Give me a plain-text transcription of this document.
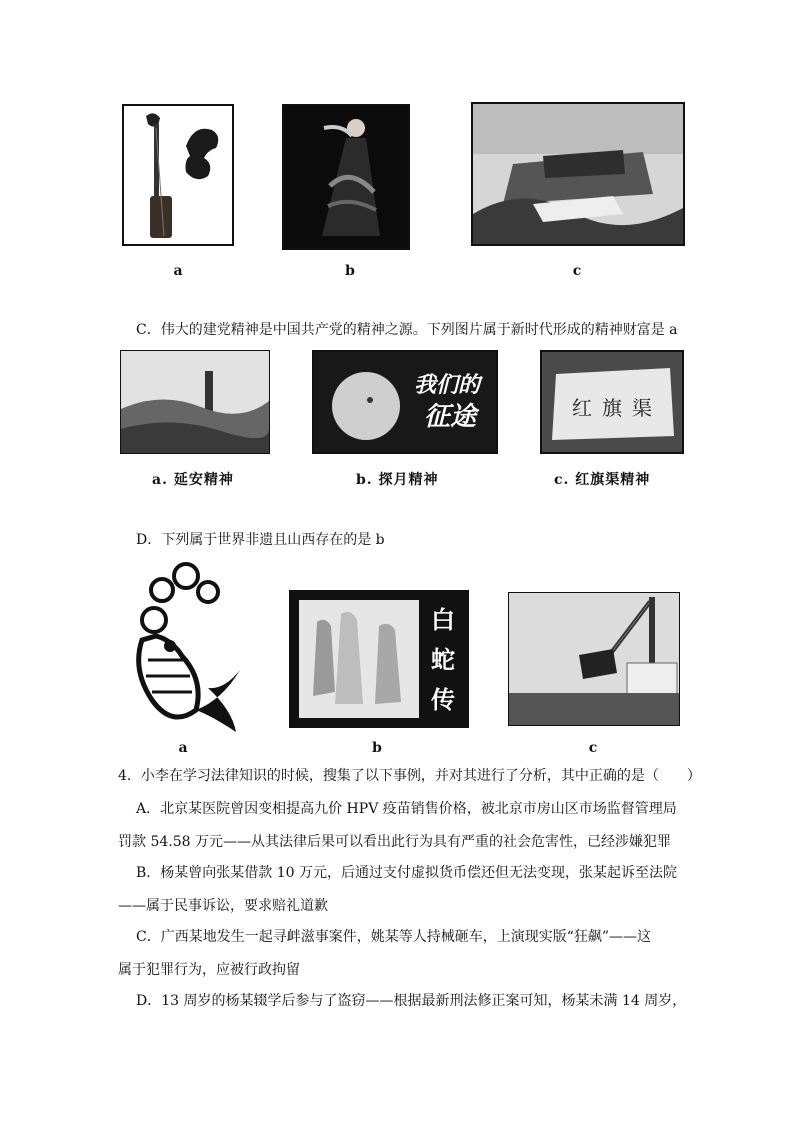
a	b	c
C．伟大的建党精神是中国共产党的精神之源。下列图片属于新时代形成的精神财富是 a
我们的
征途	红旗渠
a. 延安精神	b. 探月精神	c. 红旗渠精神
D．下列属于世界非遗且山西存在的是 b
白
蛇
传
a	b	c
4．小李在学习法律知识的时候，搜集了以下事例，并对其进行了分析，其中正确的是（　　）
A．北京某医院曾因变相提高九价 HPV 疫苗销售价格，被北京市房山区市场监督管理局
罚款 54.58 万元——从其法律后果可以看出此行为具有严重的社会危害性，已经涉嫌犯罪
B．杨某曾向张某借款 10 万元，后通过支付虚拟货币偿还但无法变现，张某起诉至法院
——属于民事诉讼，要求赔礼道歉
C．广西某地发生一起寻衅滋事案件，姚某等人持械砸车，上演现实版“狂飙”——这
属于犯罪行为，应被行政拘留
D．13 周岁的杨某辍学后参与了盗窃——根据最新刑法修正案可知，杨某未满 14 周岁，
